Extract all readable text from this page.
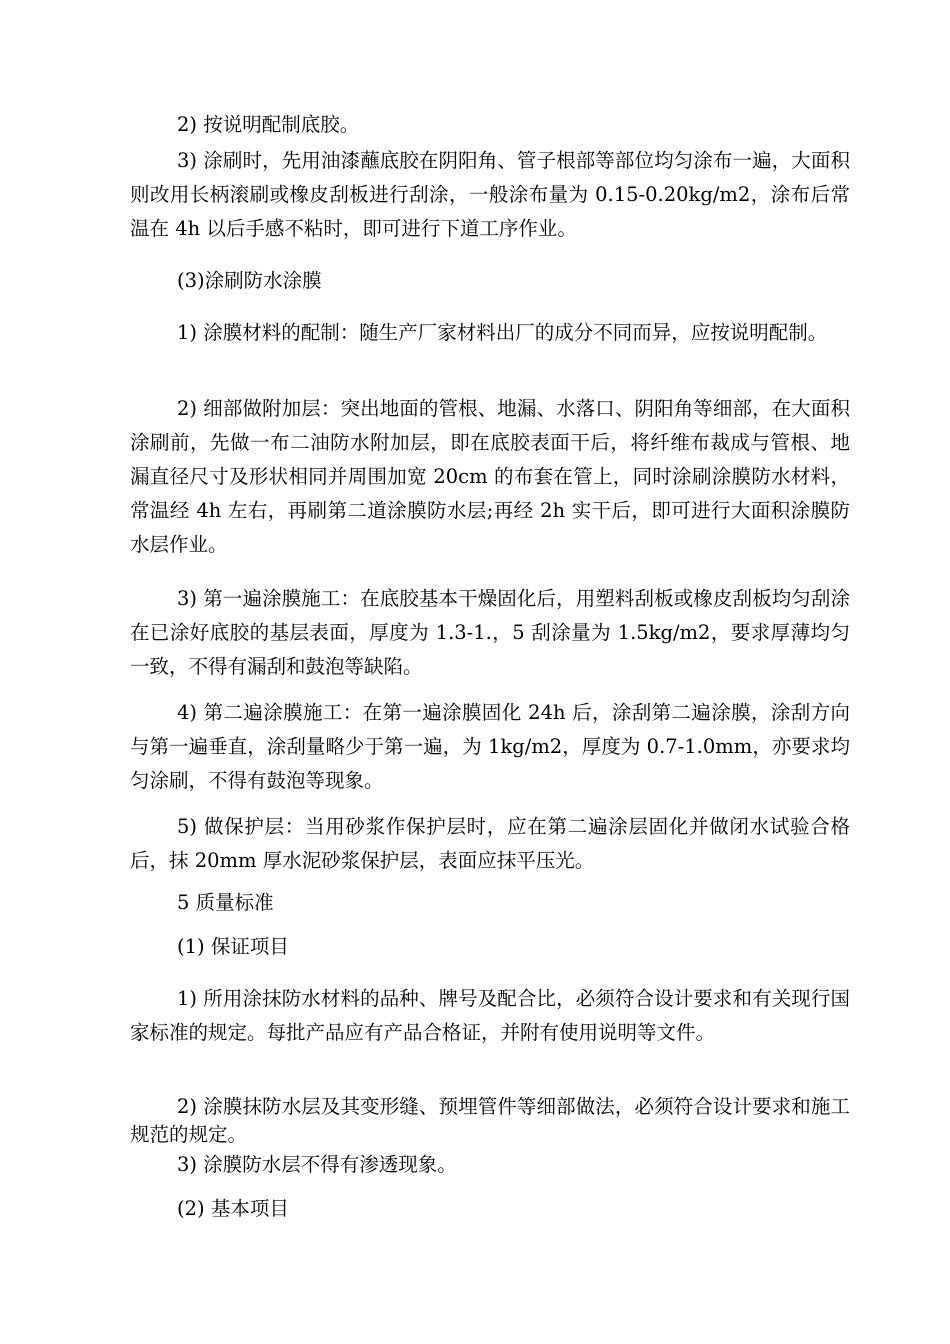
2) 按说明配制底胶。

3) 涂刷时，先用油漆蘸底胶在阴阳角、管子根部等部位均匀涂布一遍，大面积则改用长柄滚刷或橡皮刮板进行刮涂，一般涂布量为 0.15-0.20kg/m2，涂布后常温在 4h 以后手感不粘时，即可进行下道工序作业。

(3)涂刷防水涂膜

1) 涂膜材料的配制：随生产厂家材料出厂的成分不同而异，应按说明配制。

2) 细部做附加层：突出地面的管根、地漏、水落口、阴阳角等细部，在大面积涂刷前，先做一布二油防水附加层，即在底胶表面干后，将纤维布裁成与管根、地漏直径尺寸及形状相同并周围加宽 20cm 的布套在管上，同时涂刷涂膜防水材料，常温经 4h 左右，再刷第二道涂膜防水层;再经 2h 实干后，即可进行大面积涂膜防水层作业。

3) 第一遍涂膜施工：在底胶基本干燥固化后，用塑料刮板或橡皮刮板均匀刮涂在已涂好底胶的基层表面，厚度为 1.3-1.，5 刮涂量为 1.5kg/m2，要求厚薄均匀一致，不得有漏刮和鼓泡等缺陷。

4) 第二遍涂膜施工：在第一遍涂膜固化 24h 后，涂刮第二遍涂膜，涂刮方向与第一遍垂直，涂刮量略少于第一遍，为 1kg/m2，厚度为 0.7-1.0mm，亦要求均匀涂刷，不得有鼓泡等现象。

5) 做保护层：当用砂浆作保护层时，应在第二遍涂层固化并做闭水试验合格后，抹 20mm 厚水泥砂浆保护层，表面应抹平压光。

5 质量标准

(1) 保证项目

1) 所用涂抹防水材料的品种、牌号及配合比，必须符合设计要求和有关现行国家标准的规定。每批产品应有产品合格证，并附有使用说明等文件。

2) 涂膜抹防水层及其变形缝、预埋管件等细部做法，必须符合设计要求和施工规范的规定。

3) 涂膜防水层不得有渗透现象。

(2) 基本项目
